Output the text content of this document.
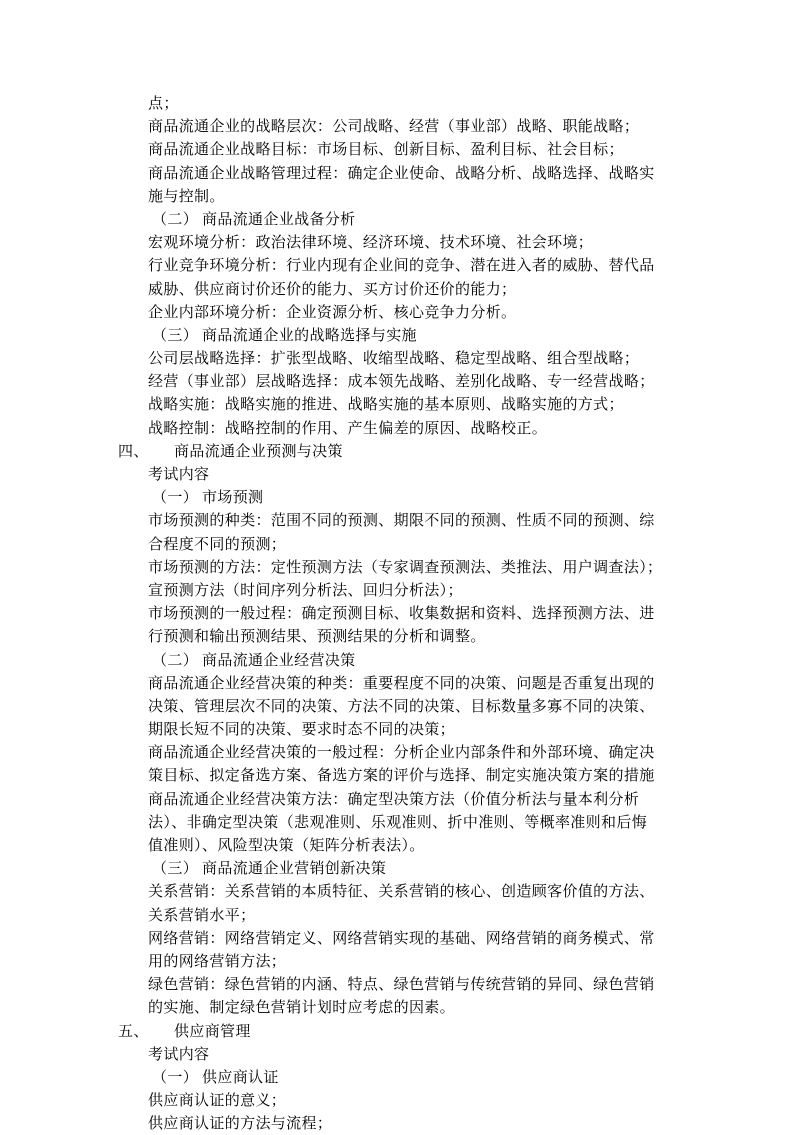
点；
商品流通企业的战略层次：公司战略、经营（事业部）战略、职能战略；
商品流通企业战略目标：市场目标、创新目标、盈利目标、社会目标；
商品流通企业战略管理过程：确定企业使命、战略分析、战略选择、战略实
施与控制。
（二） 商品流通企业战备分析
宏观环境分析：政治法律环境、经济环境、技术环境、社会环境；
行业竞争环境分析：行业内现有企业间的竞争、潜在进入者的威胁、替代品
威胁、供应商讨价还价的能力、买方讨价还价的能力；
企业内部环境分析：企业资源分析、核心竞争力分析。
（三） 商品流通企业的战略选择与实施
公司层战略选择：扩张型战略、收缩型战略、稳定型战略、组合型战略；
经营（事业部）层战略选择：成本领先战略、差别化战略、专一经营战略；
战略实施：战略实施的推进、战略实施的基本原则、战略实施的方式；
战略控制：战略控制的作用、产生偏差的原因、战略校正。
四、 商品流通企业预测与决策
考试内容
（一） 市场预测
市场预测的种类：范围不同的预测、期限不同的预测、性质不同的预测、综
合程度不同的预测；
市场预测的方法：定性预测方法（专家调查预测法、类推法、用户调查法）；
宣预测方法（时间序列分析法、回归分析法）；
市场预测的一般过程：确定预测目标、收集数据和资料、选择预测方法、进
行预测和输出预测结果、预测结果的分析和调整。
（二） 商品流通企业经营决策
商品流通企业经营决策的种类：重要程度不同的决策、问题是否重复出现的
决策、管理层次不同的决策、方法不同的决策、目标数量多寡不同的决策、
期限长短不同的决策、要求时态不同的决策；
商品流通企业经营决策的一般过程：分析企业内部条件和外部环境、确定决
策目标、拟定备选方案、备选方案的评价与选择、制定实施决策方案的措施
商品流通企业经营决策方法：确定型决策方法（价值分析法与量本利分析
法）、非确定型决策（悲观准则、乐观准则、折中准则、等概率准则和后悔
值准则）、风险型决策（矩阵分析表法）。
（三） 商品流通企业营销创新决策
关系营销：关系营销的本质特征、关系营销的核心、创造顾客价值的方法、
关系营销水平；
网络营销：网络营销定义、网络营销实现的基础、网络营销的商务模式、常
用的网络营销方法；
绿色营销：绿色营销的内涵、特点、绿色营销与传统营销的异同、绿色营销
的实施、制定绿色营销计划时应考虑的因素。
五、 供应商管理
考试内容
（一） 供应商认证
供应商认证的意义；
供应商认证的方法与流程；
